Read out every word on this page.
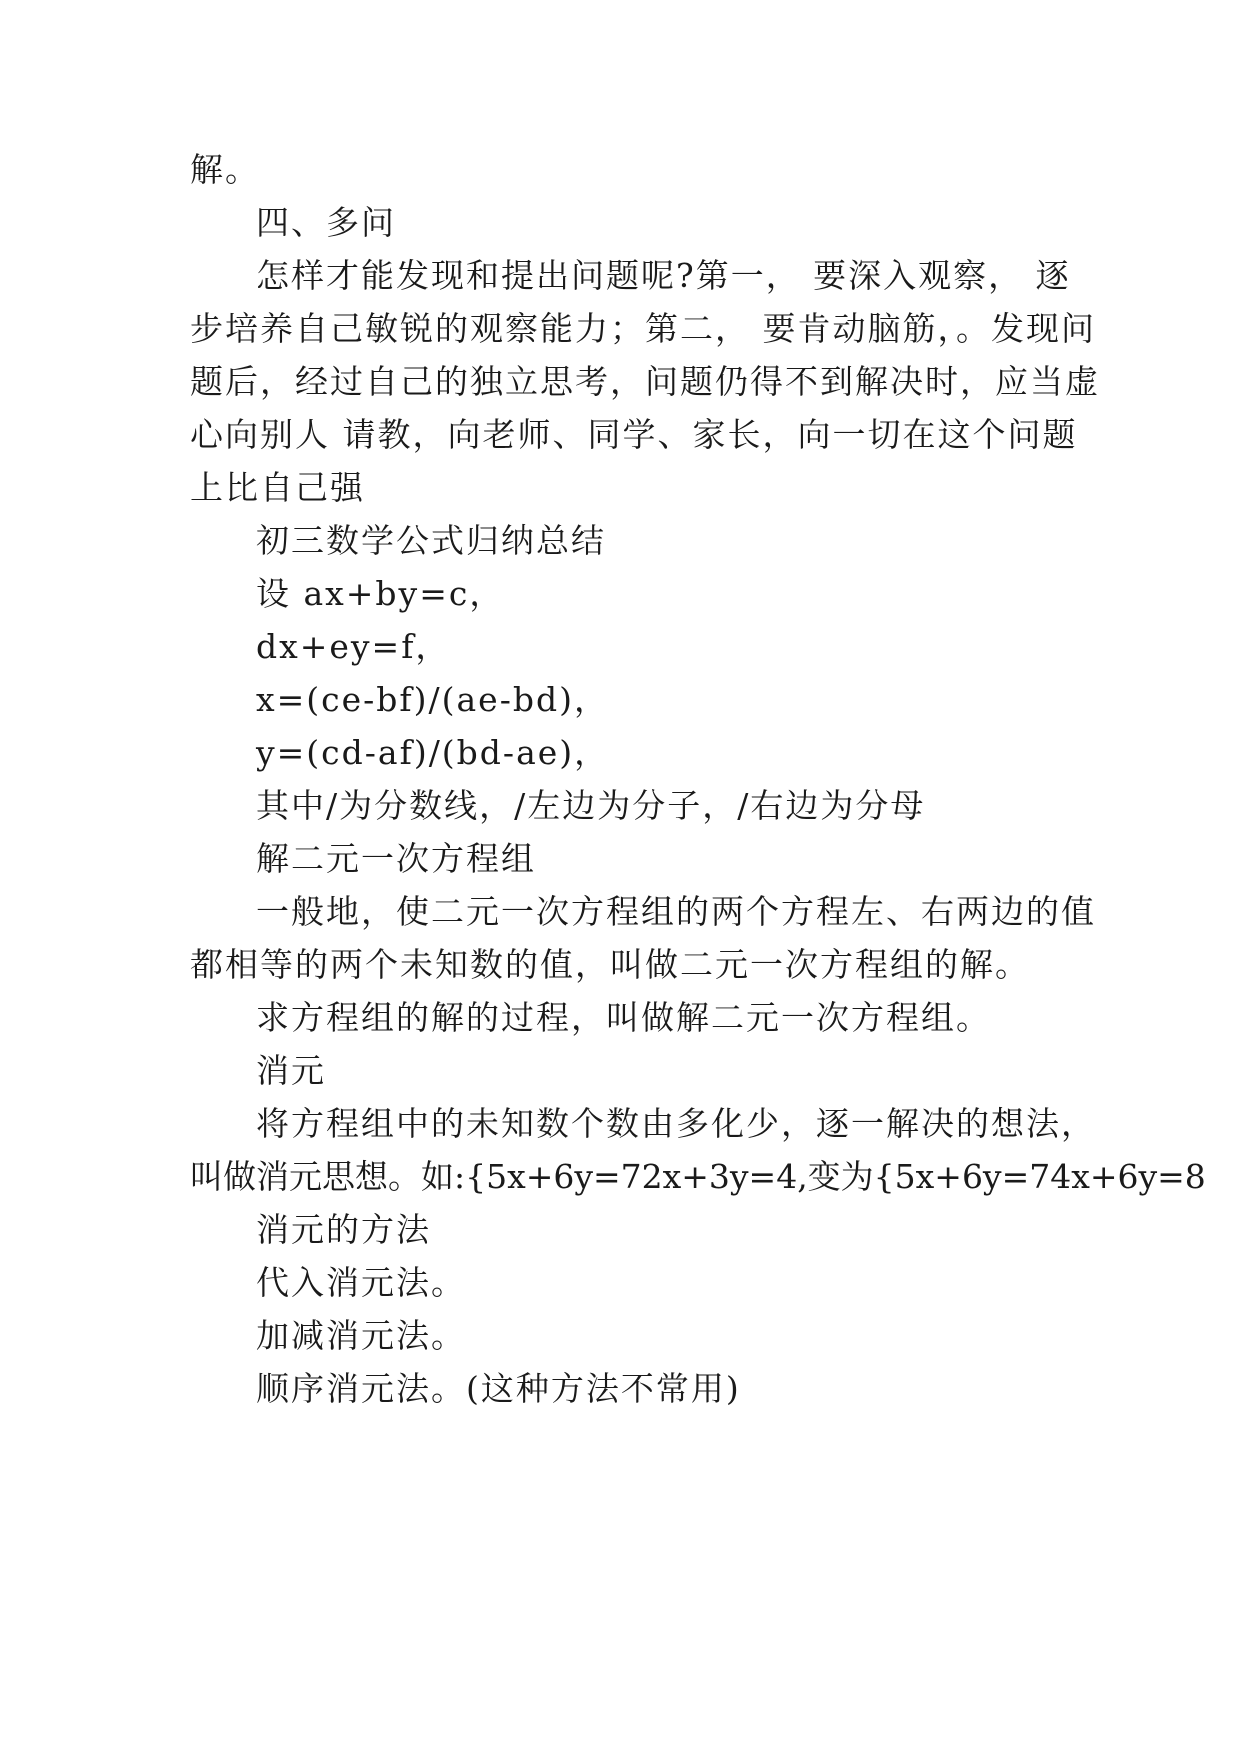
解。
四、多问
怎样才能发现和提出问题呢?第一， 要深入观察， 逐
步培养自己敏锐的观察能力；第二， 要肯动脑筋，。发现问
题后，经过自己的独立思考，问题仍得不到解决时，应当虚
心向别人 请教，向老师、同学、家长，向一切在这个问题
上比自己强
初三数学公式归纳总结
设 ax+by=c，
dx+ey=f，
x=(ce-bf)/(ae-bd)，
y=(cd-af)/(bd-ae)，
其中/为分数线，/左边为分子，/右边为分母
解二元一次方程组
一般地，使二元一次方程组的两个方程左、右两边的值
都相等的两个未知数的值，叫做二元一次方程组的解。
求方程组的解的过程，叫做解二元一次方程组。
消元
将方程组中的未知数个数由多化少，逐一解决的想法，
叫做消元思想。如:{5x+6y=72x+3y=4,变为{5x+6y=74x+6y=8
消元的方法
代入消元法。
加减消元法。
顺序消元法。(这种方法不常用)
